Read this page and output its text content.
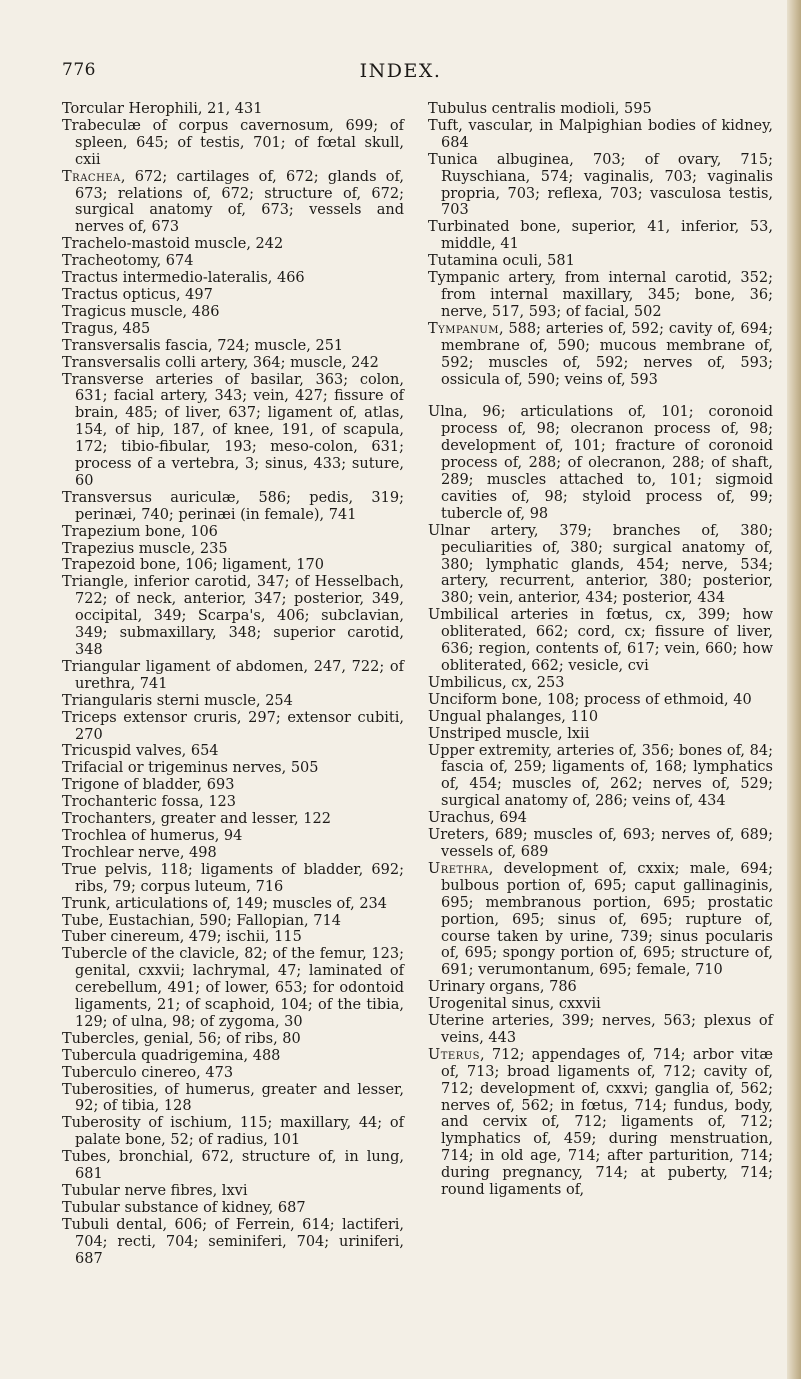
776	INDEX.

Torcular Herophili, 21, 431

Trabeculæ of corpus cavernosum, 699; of spleen, 645; of testis, 701; of fœtal skull, cxii

Trachea, 672; cartilages of, 672; glands of, 673; relations of, 672; structure of, 672; surgical anatomy of, 673; vessels and nerves of, 673

Trachelo-mastoid muscle, 242

Tracheotomy, 674

Tractus intermedio-lateralis, 466

Tractus opticus, 497

Tragicus muscle, 486

Tragus, 485

Transversalis fascia, 724; muscle, 251

Transversalis colli artery, 364; muscle, 242

Transverse arteries of basilar, 363; colon, 631; facial artery, 343; vein, 427; fissure of brain, 485; of liver, 637; ligament of, atlas, 154, of hip, 187, of knee, 191, of scapula, 172; tibio-fibular, 193; meso-colon, 631; process of a vertebra, 3; sinus, 433; suture, 60

Transversus auriculæ, 586; pedis, 319; perinæi, 740; perinæi (in female), 741

Trapezium bone, 106

Trapezius muscle, 235

Trapezoid bone, 106; ligament, 170

Triangle, inferior carotid, 347; of Hesselbach, 722; of neck, anterior, 347; posterior, 349, occipital, 349; Scarpa's, 406; subclavian, 349; submaxillary, 348; superior carotid, 348

Triangular ligament of abdomen, 247, 722; of urethra, 741

Triangularis sterni muscle, 254

Triceps extensor cruris, 297; extensor cubiti, 270

Tricuspid valves, 654

Trifacial or trigeminus nerves, 505

Trigone of bladder, 693

Trochanteric fossa, 123

Trochanters, greater and lesser, 122

Trochlea of humerus, 94

Trochlear nerve, 498

True pelvis, 118; ligaments of bladder, 692; ribs, 79; corpus luteum, 716

Trunk, articulations of, 149; muscles of, 234

Tube, Eustachian, 590; Fallopian, 714

Tuber cinereum, 479; ischii, 115

Tubercle of the clavicle, 82; of the femur, 123; genital, cxxvii; lachrymal, 47; laminated of cerebellum, 491; of lower, 653; for odontoid ligaments, 21; of scaphoid, 104; of the tibia, 129; of ulna, 98; of zygoma, 30

Tubercles, genial, 56; of ribs, 80

Tubercula quadrigemina, 488

Tuberculo cinereo, 473

Tuberosities, of humerus, greater and lesser, 92; of tibia, 128

Tuberosity of ischium, 115; maxillary, 44; of palate bone, 52; of radius, 101

Tubes, bronchial, 672, structure of, in lung, 681

Tubular nerve fibres, lxvi

Tubular substance of kidney, 687

Tubuli dental, 606; of Ferrein, 614; lactiferi, 704; recti, 704; seminiferi, 704; uriniferi, 687

Tubulus centralis modioli, 595

Tuft, vascular, in Malpighian bodies of kidney, 684

Tunica albuginea, 703; of ovary, 715; Ruyschiana, 574; vaginalis, 703; vaginalis propria, 703; reflexa, 703; vasculosa testis, 703

Turbinated bone, superior, 41, inferior, 53, middle, 41

Tutamina oculi, 581

Tympanic artery, from internal carotid, 352; from internal maxillary, 345; bone, 36; nerve, 517, 593; of facial, 502

Tympanum, 588; arteries of, 592; cavity of, 694; membrane of, 590; mucous membrane of, 592; muscles of, 592; nerves of, 593; ossicula of, 590; veins of, 593

Ulna, 96; articulations of, 101; coronoid process of, 98; olecranon process of, 98; development of, 101; fracture of coronoid process of, 288; of olecranon, 288; of shaft, 289; muscles attached to, 101; sigmoid cavities of, 98; styloid process of, 99; tubercle of, 98

Ulnar artery, 379; branches of, 380; peculiarities of, 380; surgical anatomy of, 380; lymphatic glands, 454; nerve, 534; artery, recurrent, anterior, 380; posterior, 380; vein, anterior, 434; posterior, 434

Umbilical arteries in fœtus, cx, 399; how obliterated, 662; cord, cx; fissure of liver, 636; region, contents of, 617; vein, 660; how obliterated, 662; vesicle, cvi

Umbilicus, cx, 253

Unciform bone, 108; process of ethmoid, 40

Ungual phalanges, 110

Unstriped muscle, lxii

Upper extremity, arteries of, 356; bones of, 84; fascia of, 259; ligaments of, 168; lymphatics of, 454; muscles of, 262; nerves of, 529; surgical anatomy of, 286; veins of, 434

Urachus, 694

Ureters, 689; muscles of, 693; nerves of, 689; vessels of, 689

Urethra, development of, cxxix; male, 694; bulbous portion of, 695; caput gallinaginis, 695; membranous portion, 695; prostatic portion, 695; sinus of, 695; rupture of, course taken by urine, 739; sinus pocularis of, 695; spongy portion of, 695; structure of, 691; verumontanum, 695; female, 710

Urinary organs, 786

Urogenital sinus, cxxvii

Uterine arteries, 399; nerves, 563; plexus of veins, 443

Uterus, 712; appendages of, 714; arbor vitæ of, 713; broad ligaments of, 712; cavity of, 712; development of, cxxvi; ganglia of, 562; nerves of, 562; in fœtus, 714; fundus, body, and cervix of, 712; ligaments of, 712; lymphatics of, 459; during menstruation, 714; in old age, 714; after parturition, 714; during pregnancy, 714; at puberty, 714; round ligaments of,
